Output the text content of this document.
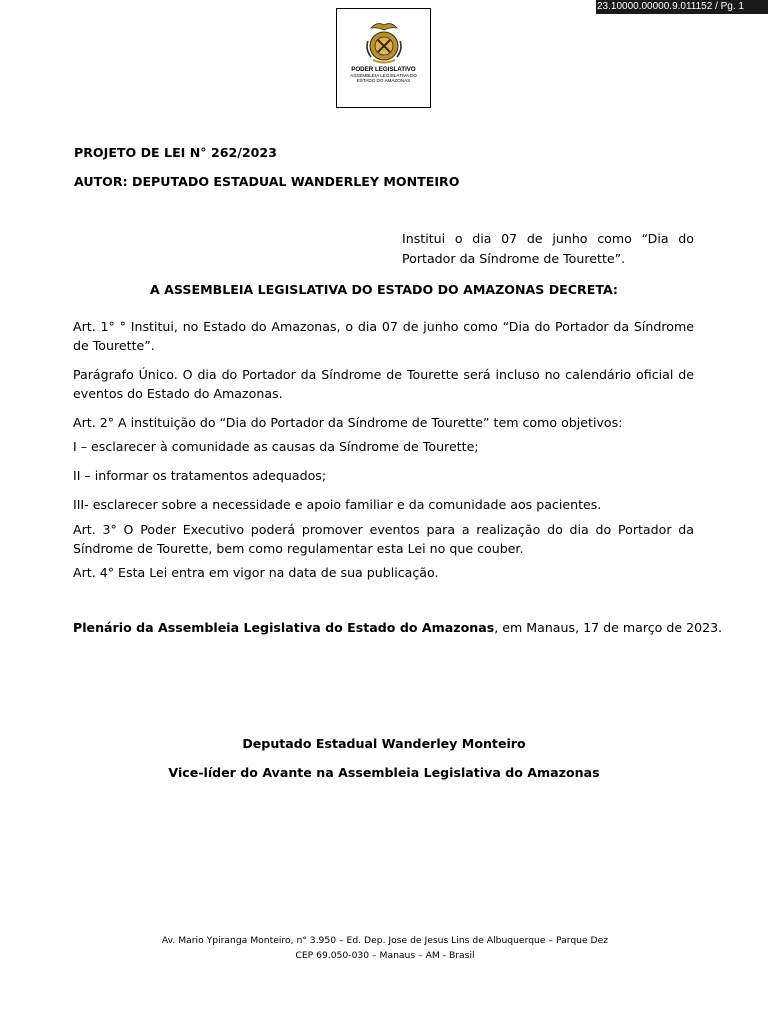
23.10000.00000.9.011152 / Pg. 1
PODER LEGISLATIVO
ASSEMBLEIA LEGISLATIVA DO
ESTADO DO AMAZONAS
PROJETO DE LEI N° 262/2023
AUTOR: DEPUTADO ESTADUAL WANDERLEY MONTEIRO
Institui o dia 07 de junho como “Dia do Portador da Síndrome de Tourette”.
A ASSEMBLEIA LEGISLATIVA DO ESTADO DO AMAZONAS DECRETA:
Art. 1° ° Institui, no Estado do Amazonas, o dia 07 de junho como “Dia do Portador da Síndrome de Tourette”.
Parágrafo Único. O dia do Portador da Síndrome de Tourette será incluso no calendário oficial de eventos do Estado do Amazonas.
Art. 2° A instituição do “Dia do Portador da Síndrome de Tourette” tem como objetivos:
I – esclarecer à comunidade as causas da Síndrome de Tourette;
II – informar os tratamentos adequados;
III- esclarecer sobre a necessidade e apoio familiar e da comunidade aos pacientes.
Art. 3° O Poder Executivo poderá promover eventos para a realização do dia do Portador da Síndrome de Tourette, bem como regulamentar esta Lei no que couber.
Art. 4° Esta Lei entra em vigor na data de sua publicação.
Plenário da Assembleia Legislativa do Estado do Amazonas, em Manaus, 17 de março de 2023.
Deputado Estadual Wanderley Monteiro
Vice-líder do Avante na Assembleia Legislativa do Amazonas
Av. Mario Ypiranga Monteiro, n° 3.950 – Ed. Dep. Jose de Jesus Lins de Albuquerque – Parque Dez
CEP 69.050-030 – Manaus – AM - Brasil
